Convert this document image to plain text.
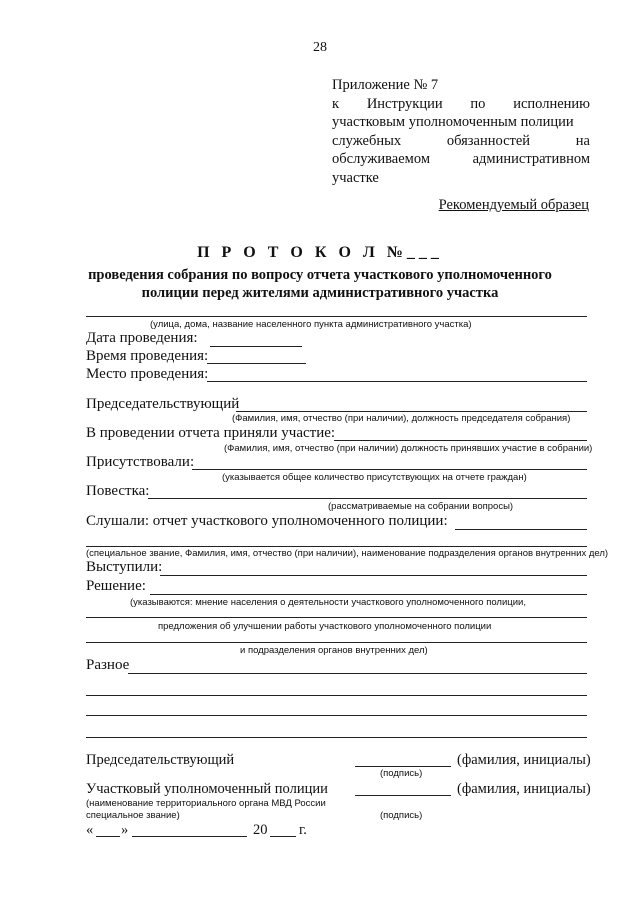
28
Приложение № 7
к Инструкции по исполнению
участковым уполномоченным полиции
служебных	обязанностей	на
обслуживаемом	административном
участке
Рекомендуемый образец
П Р О Т О К О Л №___
проведения собрания по вопросу отчета участкового уполномоченного полиции перед жителями административного участка
(улица, дома, название населенного пункта административного участка)
Дата проведения:
Время проведения:
Место проведения:
Председательствующий
(Фамилия, имя, отчество (при наличии), должность председателя собрания)
В проведении отчета приняли участие:
(Фамилия, имя, отчество (при наличии) должность принявших участие в собрании)
Присутствовали:
(указывается общее количество присутствующих на отчете граждан)
Повестка:
(рассматриваемые на собрании вопросы)
Слушали: отчет участкового уполномоченного полиции:
(специальное звание, Фамилия, имя, отчество (при наличии), наименование подразделения органов внутренних дел)
Выступили:
Решение:
(указываются: мнение населения о деятельности участкового уполномоченного полиции,
предложения об улучшении работы участкового уполномоченного полиции
и подразделения органов внутренних дел)
Разное
Председательствующий	(фамилия, инициалы)
(подпись)
Участковый уполномоченный полиции	(фамилия, инициалы)
(наименование территориального органа МВД России
специальное звание)	(подпись)
« »	20 г.
